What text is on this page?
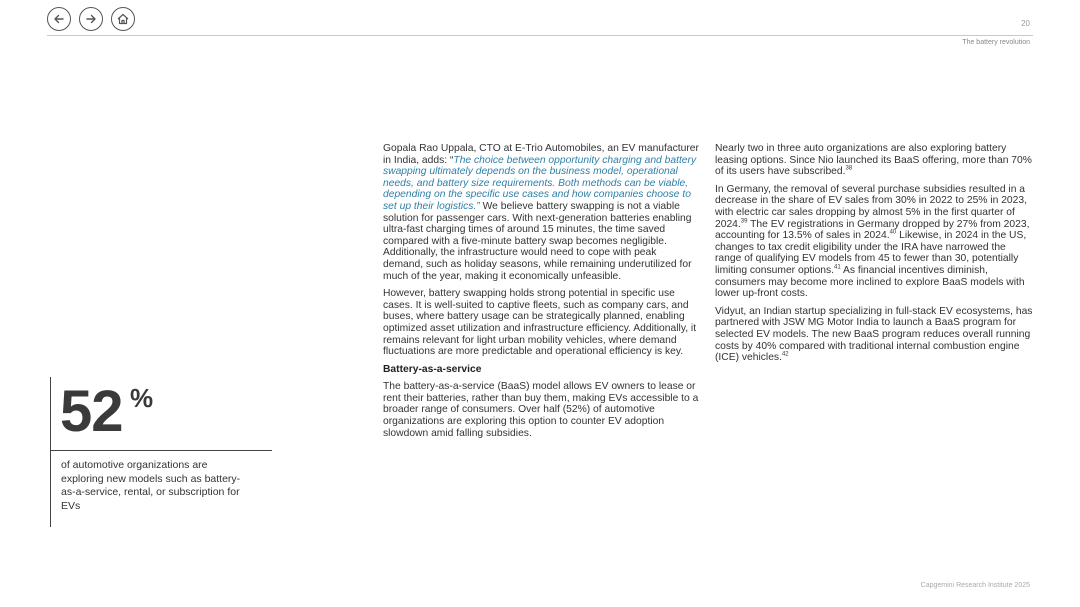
20
The battery revolution
52 %
of automotive organizations are exploring new models such as battery-as-a-service, rental, or subscription for EVs

Gopala Rao Uppala, CTO at E-Trio Automobiles, an EV manufacturer in India, adds: “The choice between opportunity charging and battery swapping ultimately depends on the business model, operational needs, and battery size requirements. Both methods can be viable, depending on the specific use cases and how companies choose to set up their logistics.” We believe battery swapping is not a viable solution for passenger cars. With next-generation batteries enabling ultra-fast charging times of around 15 minutes, the time saved compared with a five-minute battery swap becomes negligible. Additionally, the infrastructure would need to cope with peak demand, such as holiday seasons, while remaining underutilized for much of the year, making it economically unfeasible.

However, battery swapping holds strong potential in specific use cases. It is well-suited to captive fleets, such as company cars, and buses, where battery usage can be strategically planned, enabling optimized asset utilization and infrastructure efficiency. Additionally, it remains relevant for light urban mobility vehicles, where demand fluctuations are more predictable and operational efficiency is key.

Battery-as-a-service

The battery-as-a-service (BaaS) model allows EV owners to lease or rent their batteries, rather than buy them, making EVs accessible to a broader range of consumers. Over half (52%) of automotive organizations are exploring this option to counter EV adoption slowdown amid falling subsidies.

Nearly two in three auto organizations are also exploring battery leasing options. Since Nio launched its BaaS offering, more than 70% of its users have subscribed.$^{38}$

In Germany, the removal of several purchase subsidies resulted in a decrease in the share of EV sales from 30% in 2022 to 25% in 2023, with electric car sales dropping by almost 5% in the first quarter of 2024.39 The EV registrations in Germany dropped by 27% from 2023, accounting for 13.5% of sales in 2024.40 Likewise, in 2024 in the US, changes to tax credit eligibility under the IRA have narrowed the range of qualifying EV models from 45 to fewer than 30, potentially limiting consumer options.$^{41}$ As financial incentives diminish, consumers may become more inclined to explore BaaS models with lower up-front costs.

Vidyut, an Indian startup specializing in full-stack EV ecosystems, has partnered with JSW MG Motor India to launch a BaaS program for selected EV models. The new BaaS program reduces overall running costs by 40% compared with traditional internal combustion engine (ICE) vehicles.$^{42}$

Capgemini Research Institute 2025
